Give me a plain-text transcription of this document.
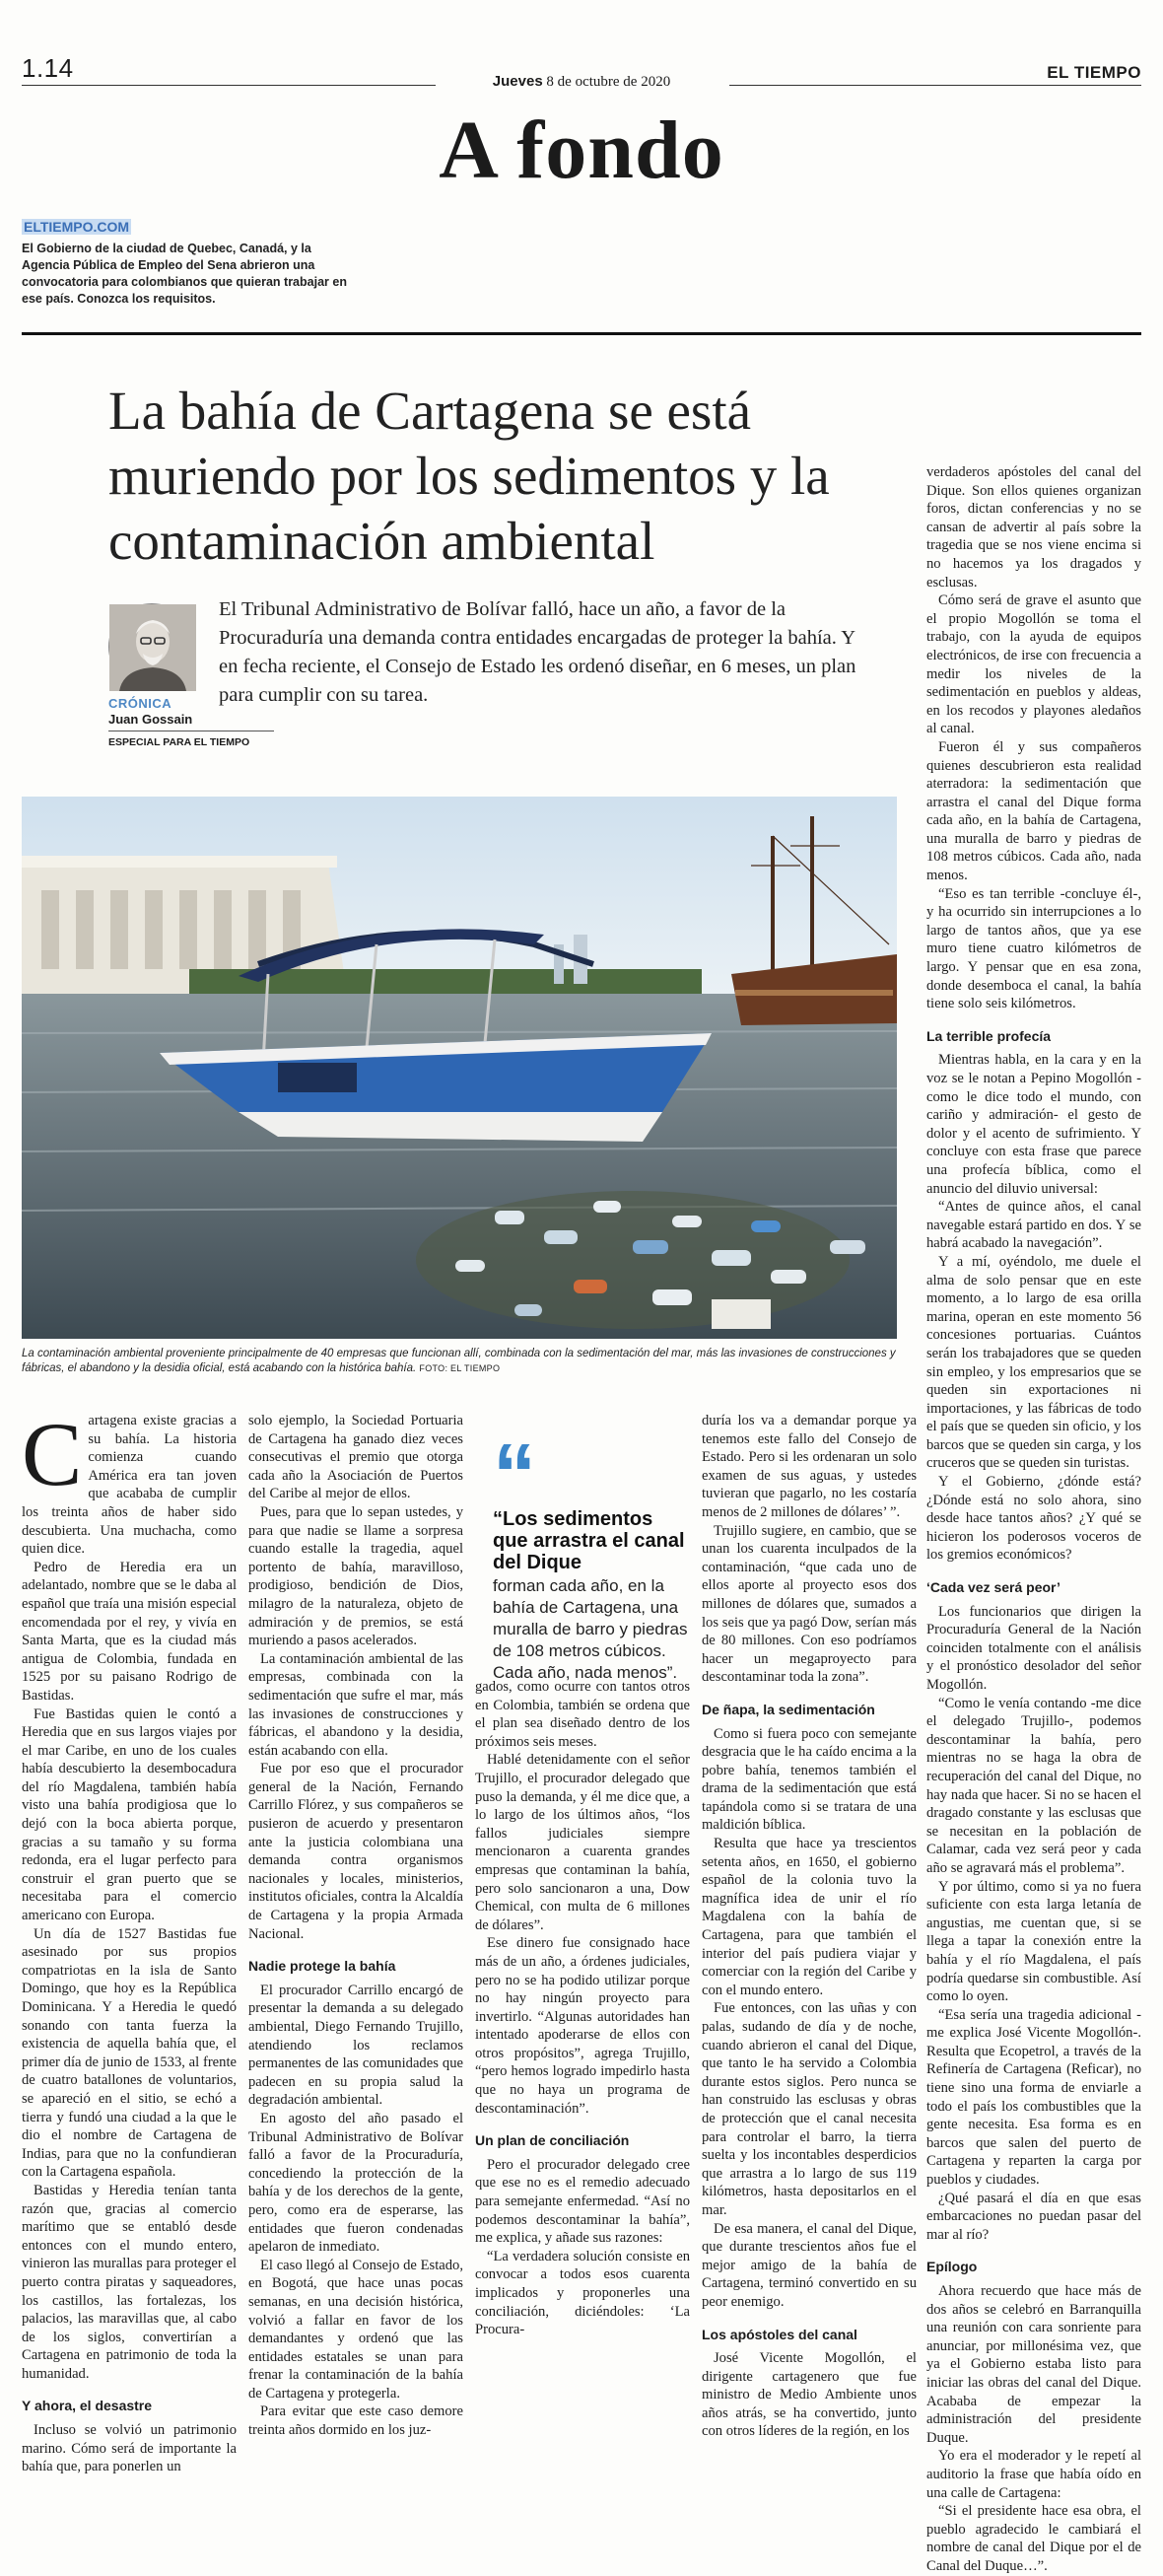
1.14	Jueves 8 de octubre de 2020	EL TIEMPO
A fondo
ELTIEMPO.COM
El Gobierno de la ciudad de Quebec, Canadá, y la Agencia Pública de Empleo del Sena abrieron una convocatoria para colombianos que quieran trabajar en ese país. Conozca los requisitos.
La bahía de Cartagena se está muriendo por los sedimentos y la contaminación ambiental
CRÓNICA
Juan Gossain
ESPECIAL PARA EL TIEMPO
El Tribunal Administrativo de Bolívar falló, hace un año, a favor de la Procuraduría una demanda contra entidades encargadas de proteger la bahía. Y en fecha reciente, el Consejo de Estado les ordenó diseñar, en 6 meses, un plan para cumplir con su tarea.
La contaminación ambiental proveniente principalmente de 40 empresas que funcionan allí, combinada con la sedimentación del mar, más las invasiones de construcciones y fábricas, el abandono y la desidia oficial, está acabando con la histórica bahía. FOTO: EL TIEMPO

Cartagena existe gracias a su bahía. La historia comienza cuando América era tan joven que acababa de cumplir los treinta años de haber sido descubierta. Una muchacha, como quien dice.

Pedro de Heredia era un adelantado, nombre que se le daba al español que traía una misión especial encomendada por el rey, y vivía en Santa Marta, que es la ciudad más antigua de Colombia, fundada en 1525 por su paisano Rodrigo de Bastidas.

Fue Bastidas quien le contó a Heredia que en sus largos viajes por el mar Caribe, en uno de los cuales había descubierto la desembocadura del río Magdalena, también había visto una bahía prodigiosa que lo dejó con la boca abierta porque, gracias a su tamaño y su forma redonda, era el lugar perfecto para construir el gran puerto que se necesitaba para el comercio americano con Europa.

Un día de 1527 Bastidas fue asesinado por sus propios compatriotas en la isla de Santo Domingo, que hoy es la República Dominicana. Y a Heredia le quedó sonando con tanta fuerza la existencia de aquella bahía que, el primer día de junio de 1533, al frente de cuatro batallones de voluntarios, se apareció en el sitio, se echó a tierra y fundó una ciudad a la que le dio el nombre de Cartagena de Indias, para que no la confundieran con la Cartagena española.

Bastidas y Heredia tenían tanta razón que, gracias al comercio marítimo que se entabló desde entonces con el mundo entero, vinieron las murallas para proteger el puerto contra piratas y saqueadores, los castillos, las fortalezas, los palacios, las maravillas que, al cabo de los siglos, convertirían a Cartagena en patrimonio de toda la humanidad.

Y ahora, el desastre

Incluso se volvió un patrimonio marino. Cómo será de importante la bahía que, para ponerlen un

solo ejemplo, la Sociedad Portuaria de Cartagena ha ganado diez veces consecutivas el premio que otorga cada año la Asociación de Puertos del Caribe al mejor de ellos.

Pues, para que lo sepan ustedes, y para que nadie se llame a sorpresa cuando estalle la tragedia, aquel portento de bahía, maravilloso, prodigioso, bendición de Dios, milagro de la naturaleza, objeto de admiración y de premios, se está muriendo a pasos acelerados.

La contaminación ambiental de las empresas, combinada con la sedimentación que sufre el mar, más las invasiones de construcciones y fábricas, el abandono y la desidia, están acabando con ella.

Fue por eso que el procurador general de la Nación, Fernando Carrillo Flórez, y sus compañeros se pusieron de acuerdo y presentaron ante la justicia colombiana una demanda contra organismos nacionales y locales, ministerios, institutos oficiales, contra la Alcaldía de Cartagena y la propia Armada Nacional.

Nadie protege la bahía

El procurador Carrillo encargó de presentar la demanda a su delegado ambiental, Diego Fernando Trujillo, atendiendo los reclamos permanentes de las comunidades que padecen en su propia salud la degradación ambiental.

En agosto del año pasado el Tribunal Administrativo de Bolívar falló a favor de la Procuraduría, concediendo la protección de la bahía y de los derechos de la gente, pero, como era de esperarse, las entidades que fueron condenadas apelaron de inmediato.

El caso llegó al Consejo de Estado, en Bogotá, que hace unas pocas semanas, en una decisión histórica, volvió a fallar en favor de los demandantes y ordenó que las entidades estatales se unan para frenar la contaminación de la bahía de Cartagena y protegerla.

Para evitar que este caso demore treinta años dormido en los juz-

“
“Los sedimentos que arrastra el canal del Dique
forman cada año, en la bahía de Cartagena, una muralla de barro y piedras de 108 metros cúbicos. Cada año, nada menos”.

gados, como ocurre con tantos otros en Colombia, también se ordena que el plan sea diseñado dentro de los próximos seis meses.

Hablé detenidamente con el señor Trujillo, el procurador delegado que puso la demanda, y él me dice que, a lo largo de los últimos años, “los fallos judiciales siempre mencionaron a cuarenta grandes empresas que contaminan la bahía, pero solo sancionaron a una, Dow Chemical, con multa de 6 millones de dólares”.

Ese dinero fue consignado hace más de un año, a órdenes judiciales, pero no se ha podido utilizar porque no hay ningún proyecto para invertirlo. “Algunas autoridades han intentado apoderarse de ellos con otros propósitos”, agrega Trujillo, “pero hemos logrado impedirlo hasta que no haya un programa de descontaminación”.

Un plan de conciliación

Pero el procurador delegado cree que ese no es el remedio adecuado para semejante enfermedad. “Así no podemos descontaminar la bahía”, me explica, y añade sus razones:

“La verdadera solución consiste en convocar a todos esos cuarenta implicados y proponerles una conciliación, diciéndoles: ‘La Procura-

duría los va a demandar porque ya tenemos este fallo del Consejo de Estado. Pero si les ordenaran un solo examen de sus aguas, y ustedes tuvieran que pagarlo, no les costaría menos de 2 millones de dólares’ ”.

Trujillo sugiere, en cambio, que se unan los cuarenta inculpados de la contaminación, “que cada uno de ellos aporte al proyecto esos dos millones de dólares que, sumados a los seis que ya pagó Dow, serían más de 80 millones. Con eso podríamos hacer un megaproyecto para descontaminar toda la zona”.

De ñapa, la sedimentación

Como si fuera poco con semejante desgracia que le ha caído encima a la pobre bahía, tenemos también el drama de la sedimentación que está tapándola como si se tratara de una maldición bíblica.

Resulta que hace ya trescientos setenta años, en 1650, el gobierno español de la colonia tuvo la magnífica idea de unir el río Magdalena con la bahía de Cartagena, para que también el interior del país pudiera viajar y comerciar con la región del Caribe y con el mundo entero.

Fue entonces, con las uñas y con palas, sudando de día y de noche, cuando abrieron el canal del Dique, que tanto le ha servido a Colombia durante estos siglos. Pero nunca se han construido las esclusas y obras de protección que el canal necesita para controlar el barro, la tierra suelta y los incontables desperdicios que arrastra a lo largo de sus 119 kilómetros, hasta depositarlos en el mar.

De esa manera, el canal del Dique, que durante trescientos años fue el mejor amigo de la bahía de Cartagena, terminó convertido en su peor enemigo.

Los apóstoles del canal

José Vicente Mogollón, el dirigente cartagenero que fue ministro de Medio Ambiente unos años atrás, se ha convertido, junto con otros líderes de la región, en los

verdaderos apóstoles del canal del Dique. Son ellos quienes organizan foros, dictan conferencias y no se cansan de advertir al país sobre la tragedia que se nos viene encima si no hacemos ya los dragados y esclusas.

Cómo será de grave el asunto que el propio Mogollón se toma el trabajo, con la ayuda de equipos electrónicos, de irse con frecuencia a medir los niveles de la sedimentación en pueblos y aldeas, en los recodos y playones aledaños al canal.

Fueron él y sus compañeros quienes descubrieron esta realidad aterradora: la sedimentación que arrastra el canal del Dique forma cada año, en la bahía de Cartagena, una muralla de barro y piedras de 108 metros cúbicos. Cada año, nada menos.

“Eso es tan terrible -concluye él-, y ha ocurrido sin interrupciones a lo largo de tantos años, que ya ese muro tiene cuatro kilómetros de largo. Y pensar que en esa zona, donde desemboca el canal, la bahía tiene solo seis kilómetros.

La terrible profecía

Mientras habla, en la cara y en la voz se le notan a Pepino Mogollón -como le dice todo el mundo, con cariño y admiración- el gesto de dolor y el acento de sufrimiento. Y concluye con esta frase que parece una profecía bíblica, como el anuncio del diluvio universal:

“Antes de quince años, el canal navegable estará partido en dos. Y se habrá acabado la navegación”.

Y a mí, oyéndolo, me duele el alma de solo pensar que en este momento, a lo largo de esa orilla marina, operan en este momento 56 concesiones portuarias. Cuántos serán los trabajadores que se queden sin empleo, y los empresarios que se queden sin exportaciones ni importaciones, y las fábricas de todo el país que se queden sin oficio, y los barcos que se queden sin carga, y los cruceros que se queden sin turistas.

Y el Gobierno, ¿dónde está? ¿Dónde está no solo ahora, sino desde hace tantos años? ¿Y qué se hicieron los poderosos voceros de los gremios económicos?

‘Cada vez será peor’

Los funcionarios que dirigen la Procuraduría General de la Nación coinciden totalmente con el análisis y el pronóstico desolador del señor Mogollón.

“Como le venía contando -me dice el delegado Trujillo-, podemos descontaminar la bahía, pero mientras no se haga la obra de recuperación del canal del Dique, no hay nada que hacer. Si no se hacen el dragado constante y las esclusas que se necesitan en la población de Calamar, cada vez será peor y cada año se agravará más el problema”.

Y por último, como si ya no fuera suficiente con esta larga letanía de angustias, me cuentan que, si se llega a tapar la conexión entre la bahía y el río Magdalena, el país podría quedarse sin combustible. Así como lo oyen.

“Esa sería una tragedia adicional -me explica José Vicente Mogollón-. Resulta que Ecopetrol, a través de la Refinería de Cartagena (Reficar), no tiene sino una forma de enviarle a todo el país los combustibles que la gente necesita. Esa forma es en barcos que salen del puerto de Cartagena y reparten la carga por pueblos y ciudades.

¿Qué pasará el día en que esas embarcaciones no puedan pasar del mar al río?

Epílogo

Ahora recuerdo que hace más de dos años se celebró en Barranquilla una reunión con cara sonriente para anunciar, por millonésima vez, que ya el Gobierno estaba listo para iniciar las obras del canal del Dique. Acababa de empezar la administración del presidente Duque.

Yo era el moderador y le repetí al auditorio la frase que había oído en una calle de Cartagena:

“Si el presidente hace esa obra, el pueblo agradecido le cambiará el nombre de canal del Dique por el de Canal del Duque…”.
